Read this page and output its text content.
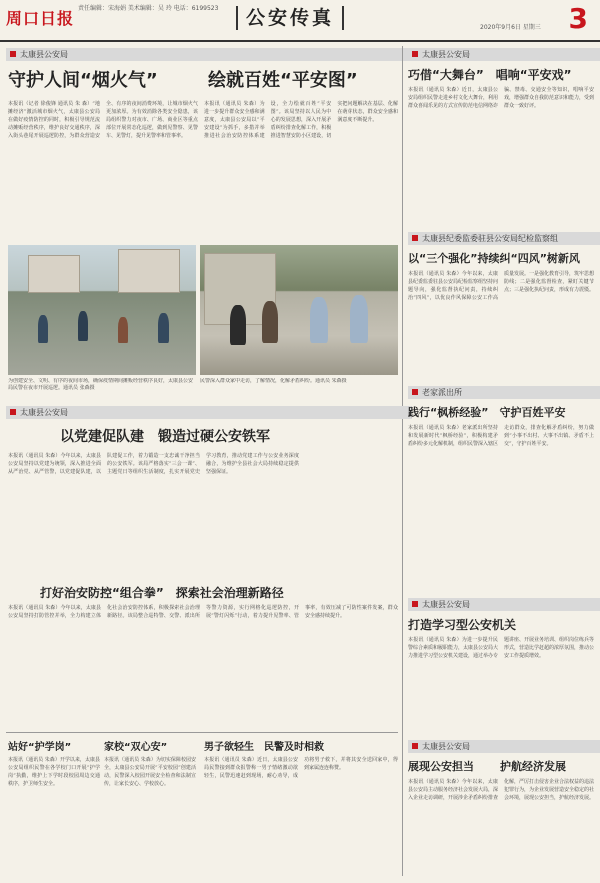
周口日报
责任编辑：宋海娟 美术编辑：吴 玲 电话：6199523	公安传真	2020年9月6日 星期三 3
太康县公安局
守护人间“烟火气”	绘就百姓“平安图”
本报讯（记者 徐俊锋 通讯员 朱 森）“地摊经济”激活城市烟火气，太康县公安局在做好疫情防控的同时，积极引导规范流动摊贩经营秩序，维护良好交通秩序，深入街头巷尾开展巡逻防控，为群众营造安全、有序的夜间消费环境，让城市烟火气更加浓厚。为有效消除各类安全隐患，该局组织警力对夜市、广场、商业区等重点部位开展常态化巡逻，做到见警察、见警车、见警灯，提升见警率和管事率。
本报讯（通讯员 朱森）为进一步提升群众安全感和满意度，太康县公安局以“平安建设”为抓手，多措并举推进社会治安防控体系建设，全力绘就百姓“平安图”。该局坚持以人民为中心的发展思想，深入开展矛盾纠纷排查化解工作，积极推进智慧安防小区建设，切实把问题解决在基层、化解在萌芽状态，群众安全感和满意度不断提升。
为创建安全、文明、有序的夜间市场，确保疫情期间摊贩经营秩序良好，太康县公安局民警在夜市开展巡逻。通讯员 张森摄
民警深入群众家中走访，了解情况，化解矛盾纠纷。通讯员 朱森摄
太康县公安局
巧借“大舞台”　唱响“平安戏”
本报讯（通讯员 朱森）近日，太康县公安局组织民警走进乡村文化大舞台，利用群众喜闻乐见的方式宣传防范电信网络诈骗、禁毒、交通安全等知识，唱响平安戏，增强群众自我防范意识和能力，受到群众一致好评。
太康县纪委监委驻县公安局纪检监察组
以“三个强化”持续纠“四风”树新风
本报讯（通讯员 朱森）今年以来，太康县纪委监委驻县公安局纪检监察组坚持问题导向，强化监督执纪问责，持续纠治“四风”，以优良作风保障公安工作高质量发展。一是强化教育引导，筑牢思想防线；二是强化监督检查，紧盯关键节点；三是强化执纪问责，形成有力震慑。
太康县公安局
以党建促队建　锻造过硬公安铁军
本报讯（通讯员 朱森）今年以来，太康县公安局坚持以党建为统领，深入推进全面从严治党、从严管警，以党建促队建，以队建促工作，着力锻造一支忠诚干净担当的公安铁军。该局严格落实“三会一课”、主题党日等组织生活制度，扎实开展党史学习教育，推动党建工作与公安业务深度融合，为维护全县社会大局持续稳定提供坚强保证。
老家派出所
践行“枫桥经验”　守护百姓平安
本报讯（通讯员 朱森）老家派出所坚持和发展新时代“枫桥经验”，积极构建矛盾纠纷多元化解机制，组织民警深入辖区走访群众，排查化解矛盾纠纷，努力做到“小事不出村、大事不出镇、矛盾不上交”，守护百姓平安。
打好治安防控“组合拳”　探索社会治理新路径
本报讯（通讯员 朱森）今年以来，太康县公安局坚持打防管控并举，全力构建立体化社会治安防控体系，积极探索社会治理新路径。该局整合巡特警、交警、派出所等警力资源，实行网格化巡逻防控，开展“警灯闪烁”行动，着力提升见警率、管事率，有效压减了可防性案件发案，群众安全感持续提升。
太康县公安局
打造学习型公安机关
本报讯（通讯员 朱森）为进一步提升民警综合素质和履职能力，太康县公安局大力推进学习型公安机关建设，通过举办专题讲座、开展业务培训、组织岗位练兵等形式，营造比学赶超的浓厚氛围，推动公安工作提质增效。
站好“护学岗”	家校“双心安”	男子欲轻生　民警及时相救
本报讯（通讯员 朱森）开学以来，太康县公安局组织民警在各学校门口开展“护学岗”执勤，维护上下学时段校园周边交通秩序，护卫师生安全。
本报讯（通讯员 朱森）为切实保障校园安全，太康县公安局开展“平安校园”创建活动，民警深入校园开展安全检查和法制宣传，让家长安心、学校放心。
本报讯（通讯员 朱森）近日，太康县公安局民警接到群众报警称一男子情绪激动欲轻生，民警迅速赶到现场，耐心劝导，成功将男子救下，并将其安全送回家中，得到家属连连称赞。
太康县公安局
展现公安担当	护航经济发展
本报讯（通讯员 朱森）今年以来，太康县公安局主动服务经济社会发展大局，深入企业走访调研，开展涉企矛盾纠纷排查化解，严厉打击侵害企业合法权益的违法犯罪行为，为企业发展营造安全稳定的社会环境，展现公安担当，护航经济发展。
